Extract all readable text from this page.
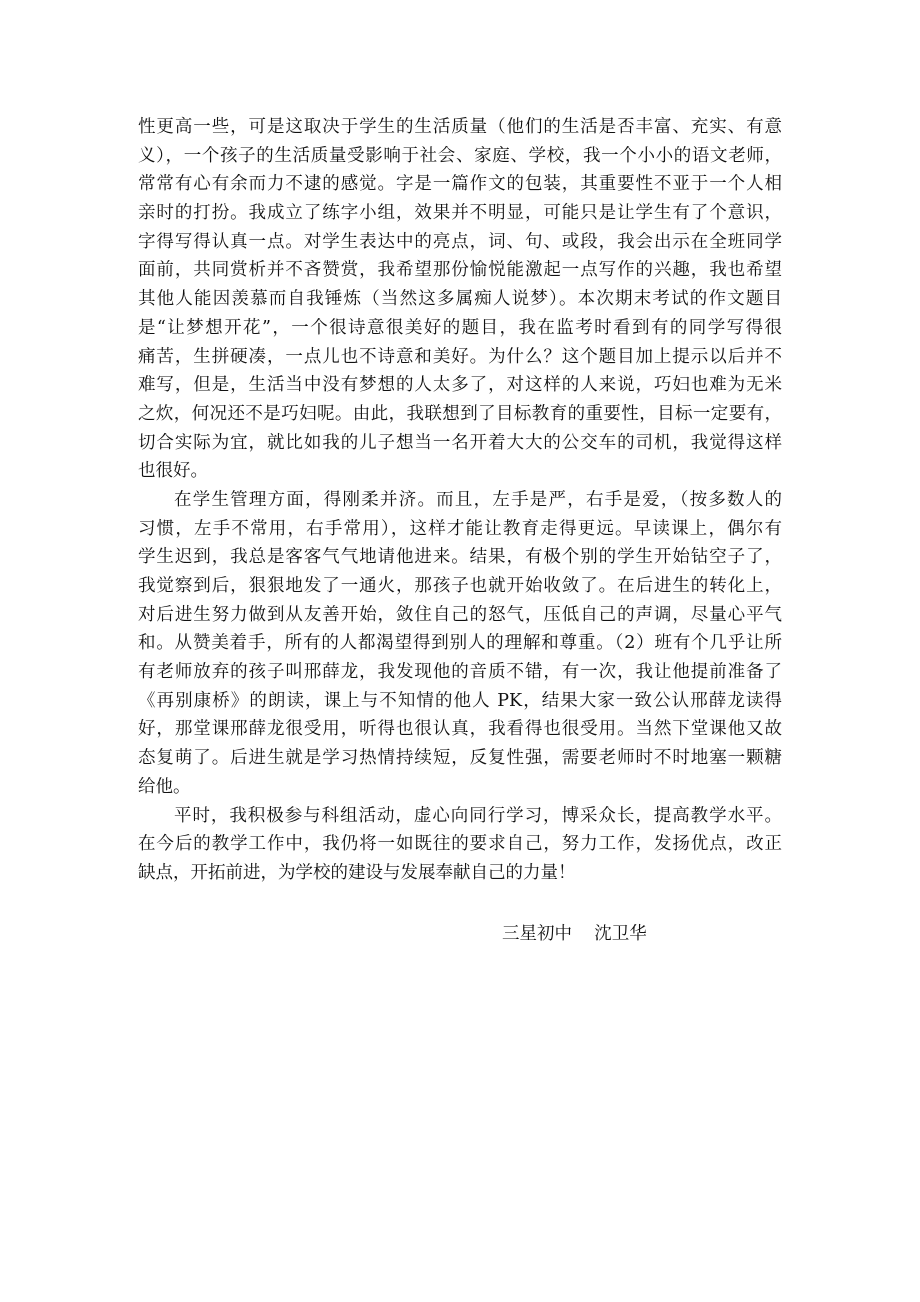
性更高一些，可是这取决于学生的生活质量（他们的生活是否丰富、充实、有意
义），一个孩子的生活质量受影响于社会、家庭、学校，我一个小小的语文老师，
常常有心有余而力不逮的感觉。字是一篇作文的包装，其重要性不亚于一个人相
亲时的打扮。我成立了练字小组，效果并不明显，可能只是让学生有了个意识，
字得写得认真一点。对学生表达中的亮点，词、句、或段，我会出示在全班同学
面前，共同赏析并不吝赞赏，我希望那份愉悦能激起一点写作的兴趣，我也希望
其他人能因羡慕而自我锤炼（当然这多属痴人说梦）。本次期末考试的作文题目
是“让梦想开花”，一个很诗意很美好的题目，我在监考时看到有的同学写得很
痛苦，生拼硬凑，一点儿也不诗意和美好。为什么？这个题目加上提示以后并不
难写，但是，生活当中没有梦想的人太多了，对这样的人来说，巧妇也难为无米
之炊，何况还不是巧妇呢。由此，我联想到了目标教育的重要性，目标一定要有，
切合实际为宜，就比如我的儿子想当一名开着大大的公交车的司机，我觉得这样
也很好。
在学生管理方面，得刚柔并济。而且，左手是严，右手是爱，（按多数人的
习惯，左手不常用，右手常用），这样才能让教育走得更远。早读课上，偶尔有
学生迟到，我总是客客气气地请他进来。结果，有极个别的学生开始钻空子了，
我觉察到后，狠狠地发了一通火，那孩子也就开始收敛了。在后进生的转化上，
对后进生努力做到从友善开始，敛住自己的怒气，压低自己的声调，尽量心平气
和。从赞美着手，所有的人都渴望得到别人的理解和尊重。（2）班有个几乎让所
有老师放弃的孩子叫邢薛龙，我发现他的音质不错，有一次，我让他提前准备了
《再别康桥》的朗读，课上与不知情的他人 PK，结果大家一致公认邢薛龙读得
好，那堂课邢薛龙很受用，听得也很认真，我看得也很受用。当然下堂课他又故
态复萌了。后进生就是学习热情持续短，反复性强，需要老师时不时地塞一颗糖
给他。
平时，我积极参与科组活动，虚心向同行学习，博采众长，提高教学水平。
在今后的教学工作中，我仍将一如既往的要求自己，努力工作，发扬优点，改正
缺点，开拓前进，为学校的建设与发展奉献自己的力量！
三星初中    沈卫华
